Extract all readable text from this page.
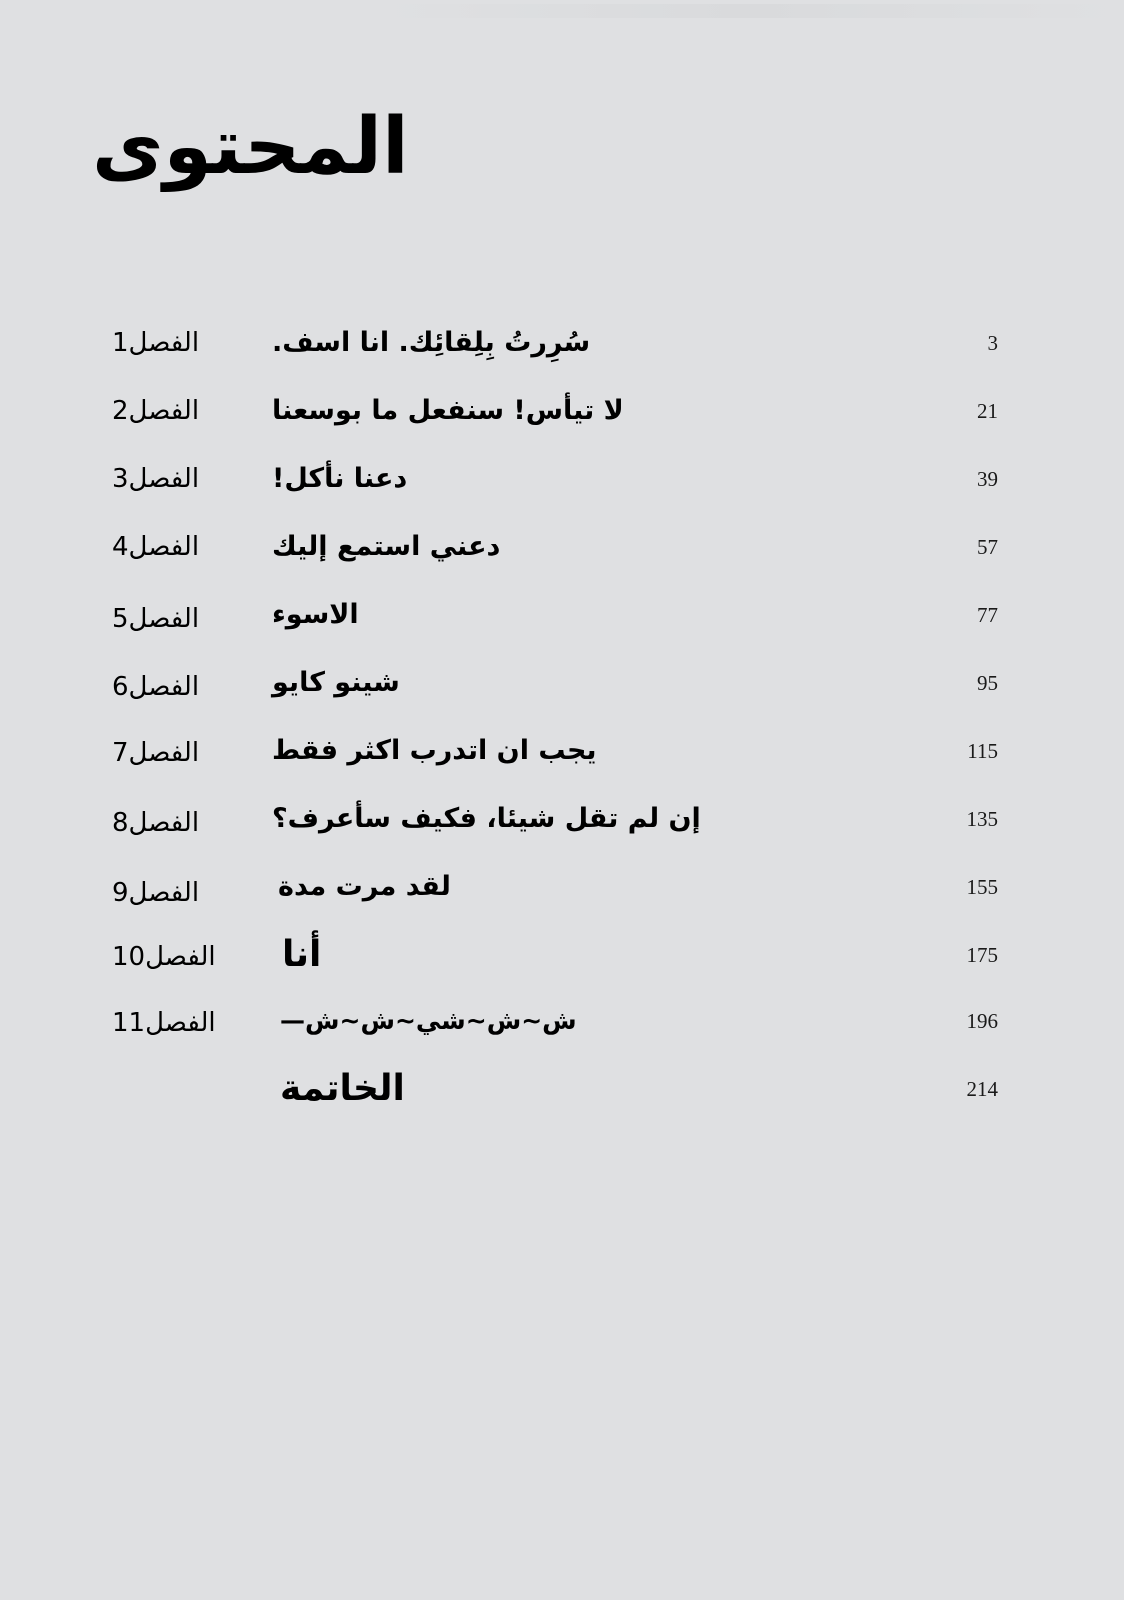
المحتوى
الفصل1	سُرِرتُ بِلِقائِك. انا اسف.	3
الفصل2	لا تيأس! سنفعل ما بوسعنا	21
الفصل3	دعنا نأكل!	39
الفصل4	دعني استمع إليك	57
الفصل5	الاسوء	77
الفصل6	شينو كايو	95
الفصل7	يجب ان اتدرب اكثر فقط	115
الفصل8	إن لم تقل شيئا، فكيف سأعرف؟	135
الفصل9	لقد مرت مدة	155
الفصل10	أنا	175
الفصل11	ش~ش~شي~ش~ش—	196
الخاتمة	214
